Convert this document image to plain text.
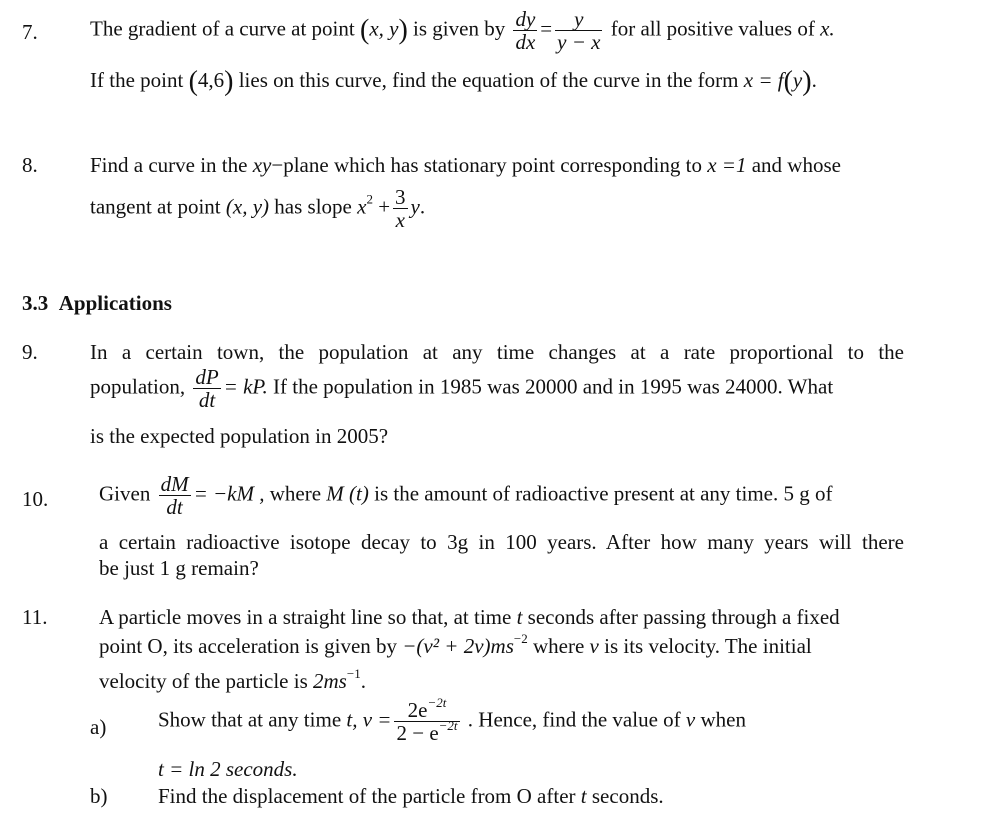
7. The gradient of a curve at point (x, y) is given by $\frac{dy}{dx} = \frac{y}{y - x}$ for all positive values of x.
If the point (4,6) lies on this curve, find the equation of the curve in the form x = f(y).
8. Find a curve in the xy−plane which has stationary point corresponding to x =1 and whose
tangent at point (x, y) has slope $x^2 + \frac{3}{x} y$.
3.3 Applications
9. In a certain town, the population at any time changes at a rate proportional to the
population, $\frac{dP}{dt}$ = kP. If the population in 1985 was 20000 and in 1995 was 24000. What
is the expected population in 2005?
10. Given $\frac{dM}{dt} = -kM$ , where M (t) is the amount of radioactive present at any time. 5 g of
a certain radioactive isotope decay to 3g in 100 years. After how many years will there
be just 1 g remain?
11. A particle moves in a straight line so that, at time t seconds after passing through a fixed
point O, its acceleration is given by $-(v^2 + 2v)ms^{-2}$ where v is its velocity. The initial
velocity of the particle is $2ms^{-1}$.
a) Show that at any time t, $v = \frac{2e^{-2t}}{2 - e^{-2t}}$ . Hence, find the value of v when
t = ln 2 seconds.
b) Find the displacement of the particle from O after t seconds.
